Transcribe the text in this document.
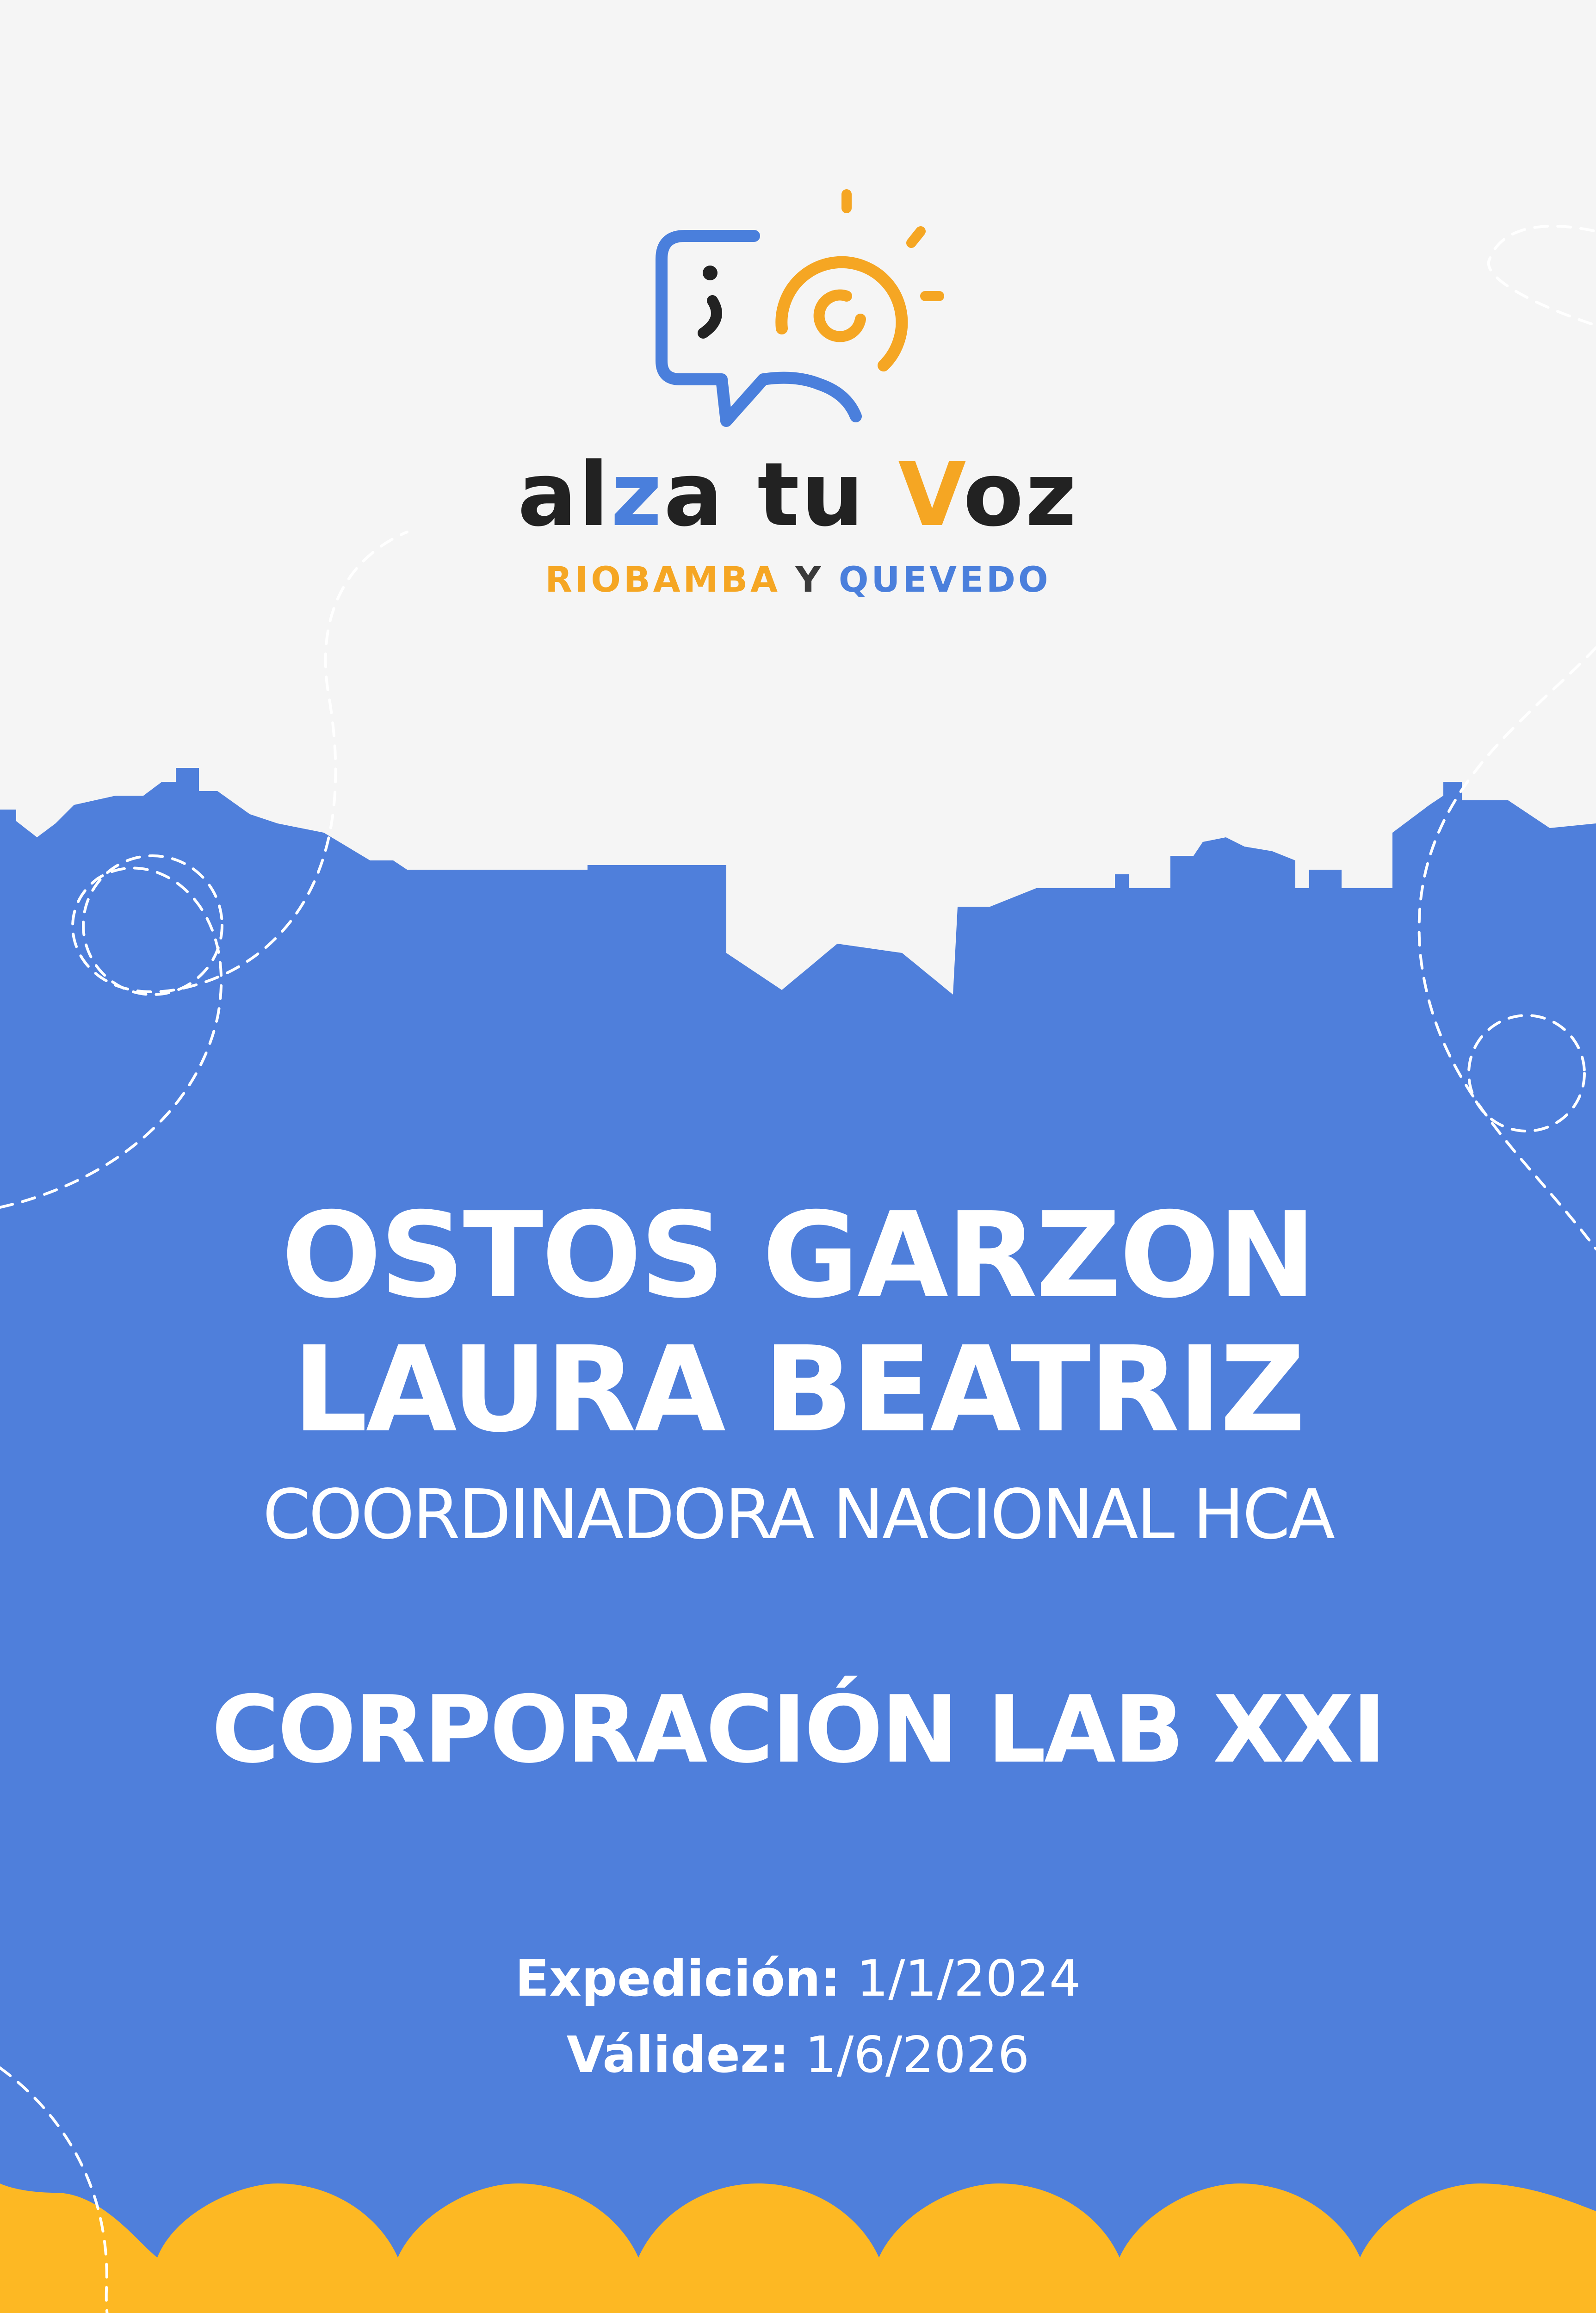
alza tu Voz
RIOBAMBA Y QUEVEDO
OSTOS GARZON
LAURA BEATRIZ
COORDINADORA NACIONAL HCA
CORPORACIÓN LAB XXI
Expedición: 1/1/2024
Válidez: 1/6/2026
